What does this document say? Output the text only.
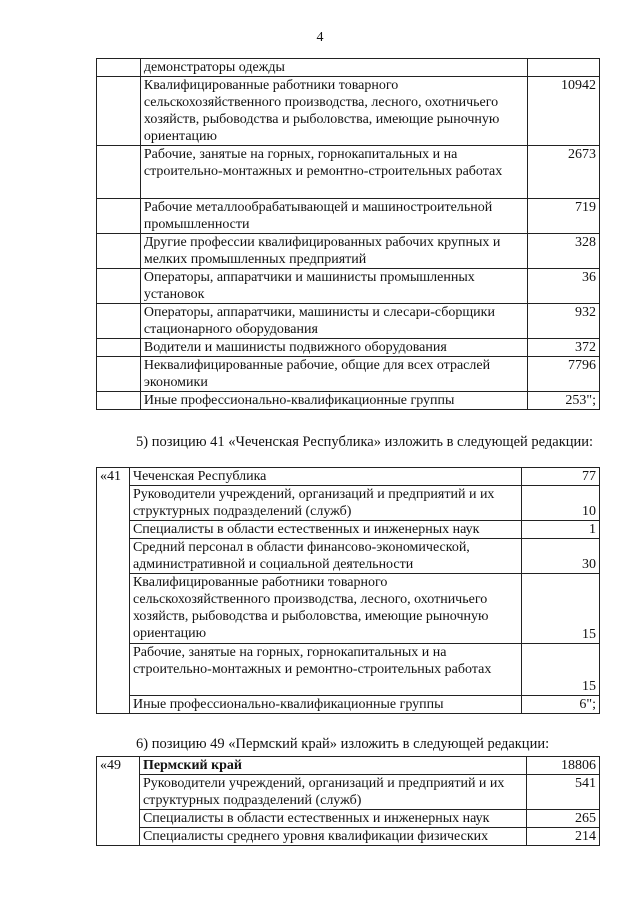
4
	демонстраторы одежды	
	Квалифицированные работники товарного сельскохозяйственного производства, лесного, охотничьего хозяйств, рыбоводства и рыболовства, имеющие рыночную ориентацию	10942
	Рабочие, занятые на горных, горнокапитальных и на строительно-монтажных и ремонтно-строительных работах	2673
	Рабочие металлообрабатывающей и машиностроительной промышленности	719
	Другие профессии квалифицированных рабочих крупных и мелких промышленных предприятий	328
	Операторы, аппаратчики и машинисты промышленных установок	36
	Операторы, аппаратчики, машинисты и слесари-сборщики стационарного оборудования	932
	Водители и машинисты подвижного оборудования	372
	Неквалифицированные рабочие, общие для всех отраслей экономики	7796
	Иные профессионально-квалификационные группы	253";
5) позицию 41 «Чеченская Республика» изложить в следующей редакции:
«41	Чеченская Республика	77
	Руководители учреждений, организаций и предприятий и их структурных подразделений (служб)	10
	Специалисты в области естественных и инженерных наук	1
	Средний персонал в области финансово-экономической, административной и социальной деятельности	30
	Квалифицированные работники товарного сельскохозяйственного производства, лесного, охотничьего хозяйств, рыбоводства и рыболовства, имеющие рыночную ориентацию	15
	Рабочие, занятые на горных, горнокапитальных и на строительно-монтажных и ремонтно-строительных работах	15
	Иные профессионально-квалификационные группы	6";
6) позицию 49 «Пермский край» изложить в следующей редакции:
«49	Пермский край	18806
	Руководители учреждений, организаций и предприятий и их структурных подразделений (служб)	541
	Специалисты в области естественных и инженерных наук	265
	Специалисты среднего уровня квалификации физических	214
